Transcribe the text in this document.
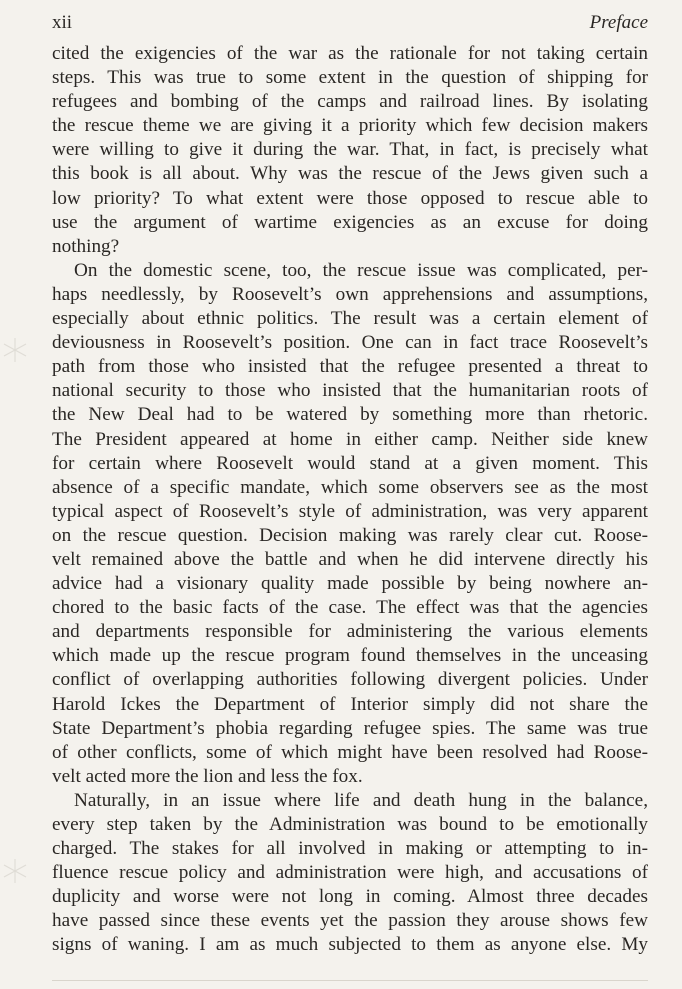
xii	Preface
cited the exigencies of the war as the rationale for not taking certain
steps. This was true to some extent in the question of shipping for
refugees and bombing of the camps and railroad lines. By isolating
the rescue theme we are giving it a priority which few decision makers
were willing to give it during the war. That, in fact, is precisely what
this book is all about. Why was the rescue of the Jews given such a
low priority? To what extent were those opposed to rescue able to
use the argument of wartime exigencies as an excuse for doing
nothing?
On the domestic scene, too, the rescue issue was complicated, per-
haps needlessly, by Roosevelt’s own apprehensions and assumptions,
especially about ethnic politics. The result was a certain element of
deviousness in Roosevelt’s position. One can in fact trace Roosevelt’s
path from those who insisted that the refugee presented a threat to
national security to those who insisted that the humanitarian roots of
the New Deal had to be watered by something more than rhetoric.
The President appeared at home in either camp. Neither side knew
for certain where Roosevelt would stand at a given moment. This
absence of a specific mandate, which some observers see as the most
typical aspect of Roosevelt’s style of administration, was very apparent
on the rescue question. Decision making was rarely clear cut. Roose-
velt remained above the battle and when he did intervene directly his
advice had a visionary quality made possible by being nowhere an-
chored to the basic facts of the case. The effect was that the agencies
and departments responsible for administering the various elements
which made up the rescue program found themselves in the unceasing
conflict of overlapping authorities following divergent policies. Under
Harold Ickes the Department of Interior simply did not share the
State Department’s phobia regarding refugee spies. The same was true
of other conflicts, some of which might have been resolved had Roose-
velt acted more the lion and less the fox.
Naturally, in an issue where life and death hung in the balance,
every step taken by the Administration was bound to be emotionally
charged. The stakes for all involved in making or attempting to in-
fluence rescue policy and administration were high, and accusations of
duplicity and worse were not long in coming. Almost three decades
have passed since these events yet the passion they arouse shows few
signs of waning. I am as much subjected to them as anyone else. My
